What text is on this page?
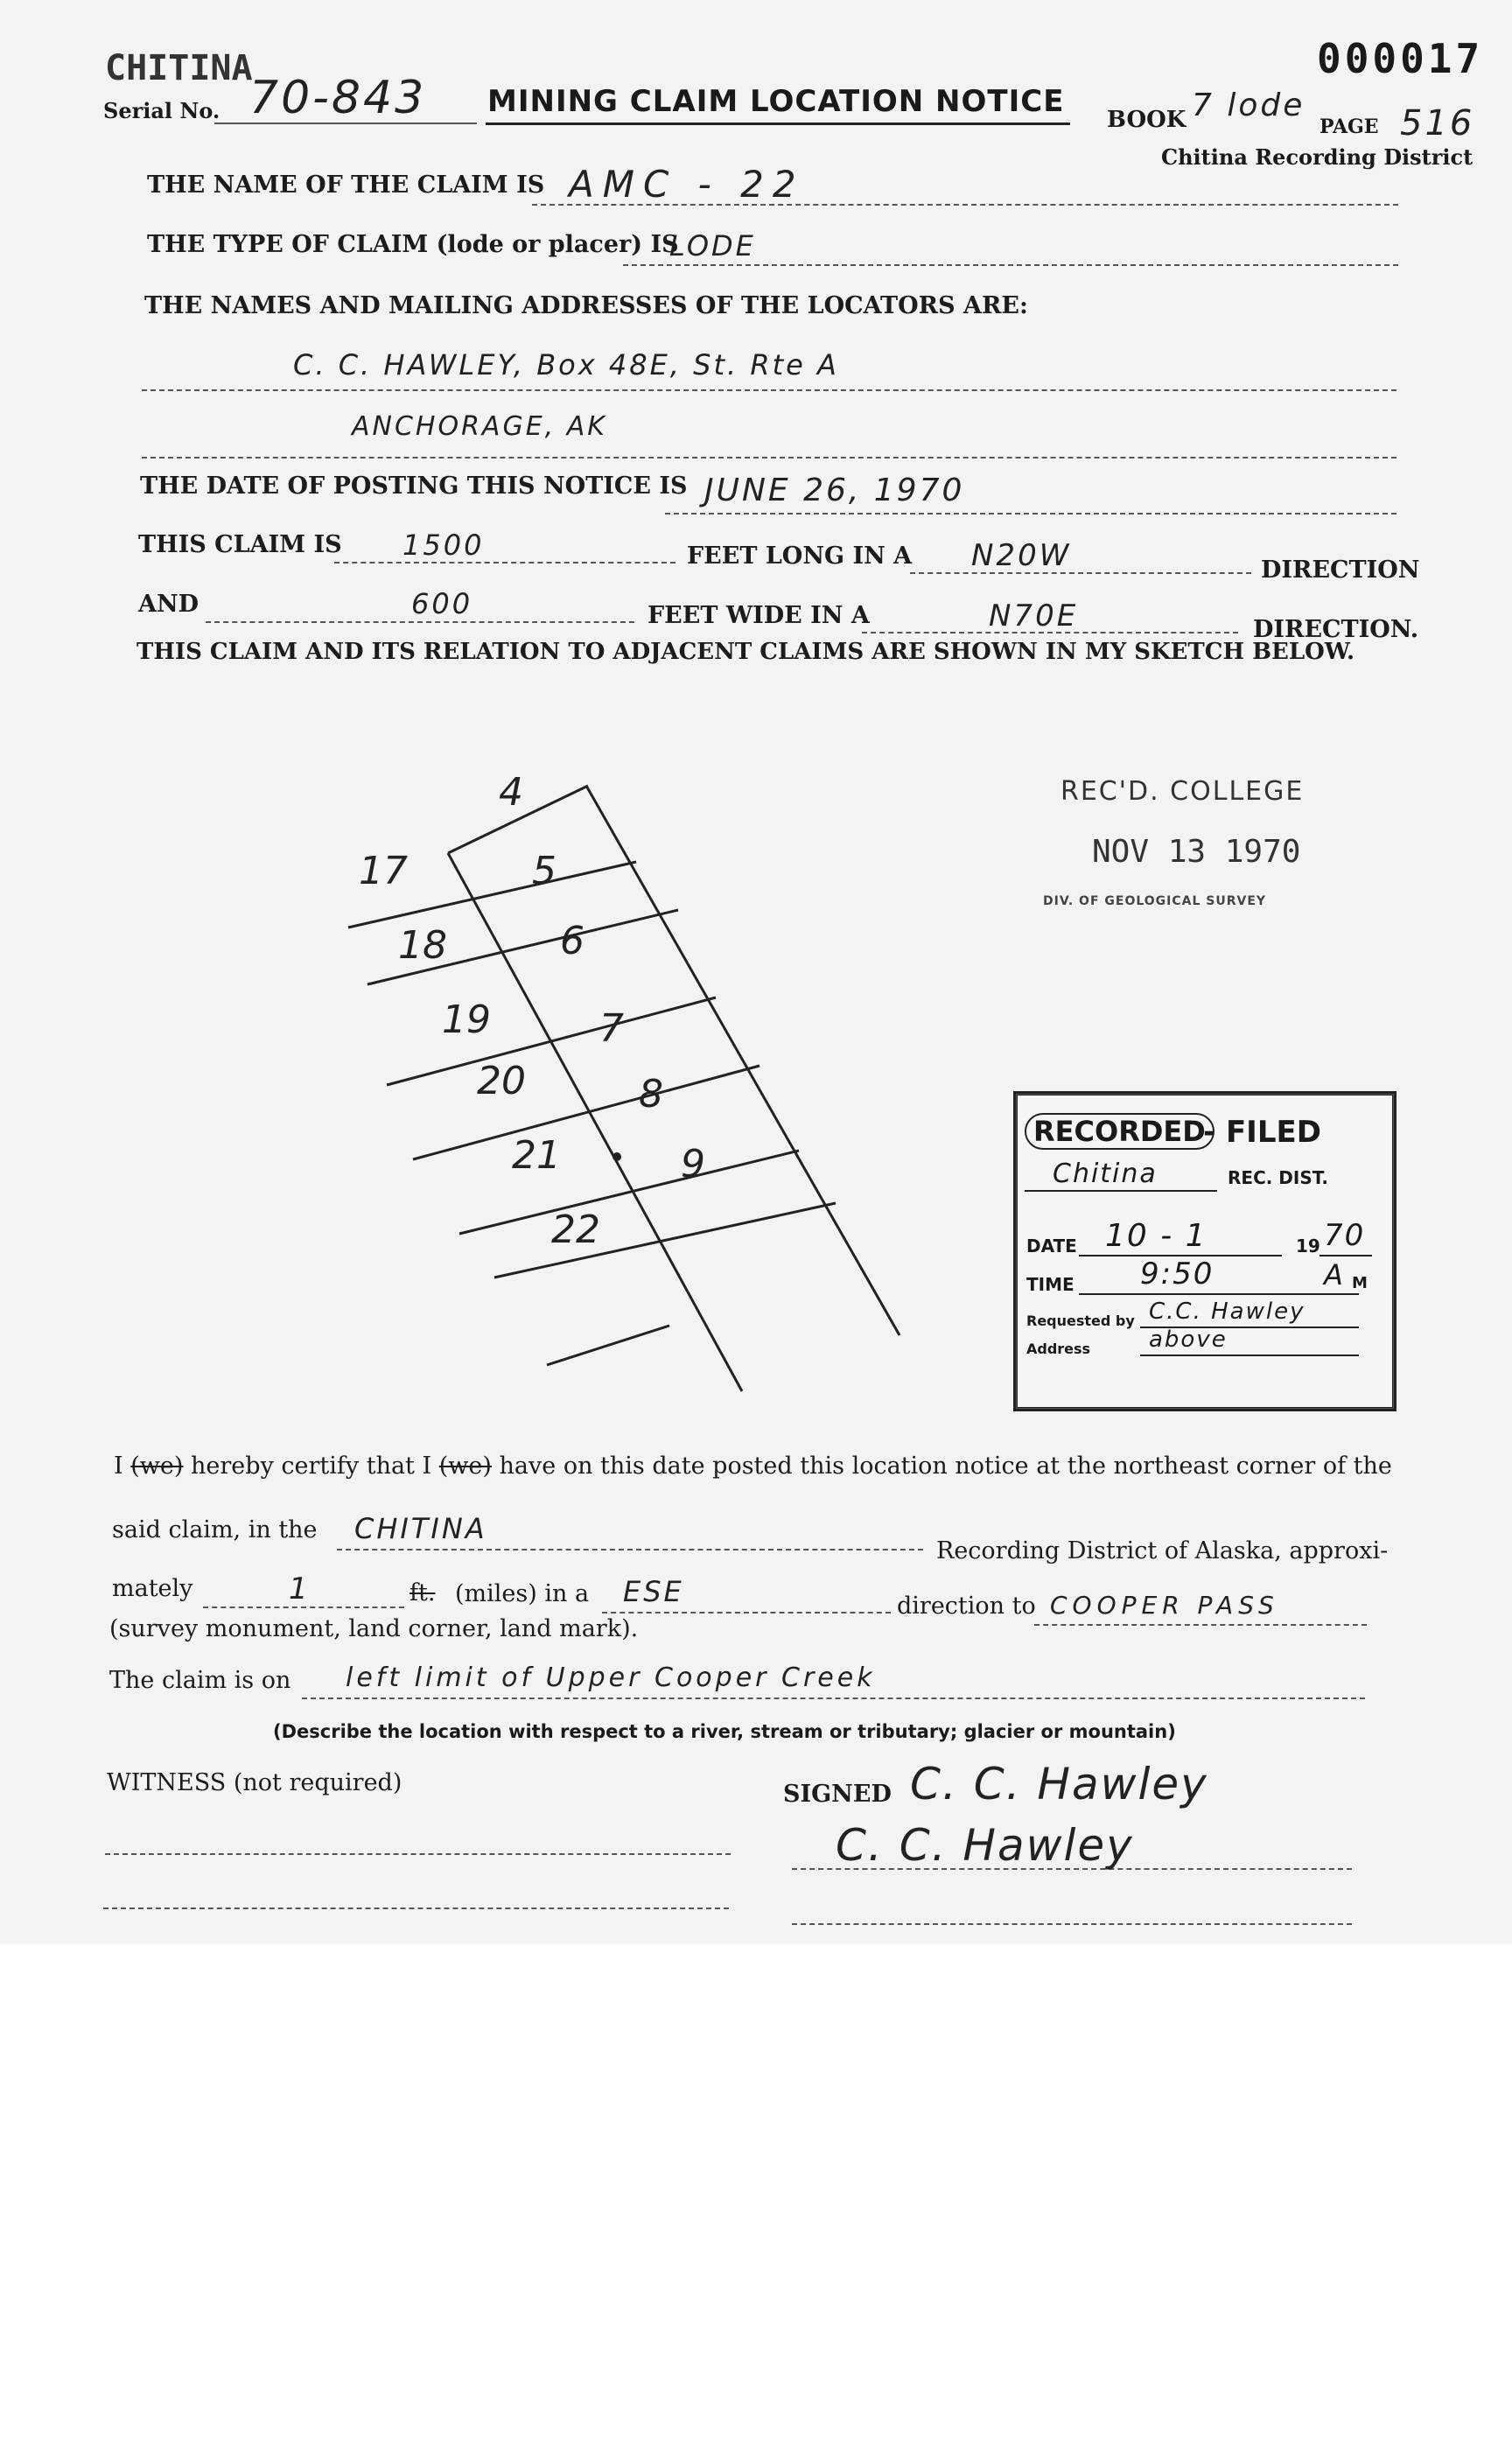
CHITINA
Serial No. 70-843 MINING CLAIM LOCATION NOTICE
BOOK 7 lode
PAGE 516
Chitina Recording District
000017
THE NAME OF THE CLAIM IS AMC - 22
THE TYPE OF CLAIM (lode or placer) IS
LODE
THE NAMES AND MAILING ADDRESSES OF THE LOCATORS ARE:
C. C. HAWLEY, Box 48E, St. Rte A
ANCHORAGE, AK
THE DATE OF POSTING THIS NOTICE IS JUNE 26, 1970
THIS CLAIM IS 1500	FEET LONG IN A N20W	DIRECTION
AND	600	FEET WIDE IN A	N70E	DIRECTION.
THIS CLAIM AND ITS RELATION TO ADJACENT CLAIMS ARE SHOWN IN MY SKETCH BELOW.
4
5
6
7
8
9
17
18
19
20
21
22
REC'D. COLLEGE
NOV 13 1970
DIV. OF GEOLOGICAL SURVEY
RECORDED
- FILED
Chitina	REC. DIST.
DATE 10 - 1	19 70
TIME 9:50	A M
Requested by C.C. Hawley
Address	above
I (we) hereby certify that I (we) have on this date posted this location notice at the northeast corner of the
said claim, in the CHITINA
Recording District of Alaska, approxi-
mately	1	ft. (miles) in a ESE	direction to COOPER PASS
(survey monument, land corner, land mark).
The claim is on left limit of Upper Cooper Creek
(Describe the location with respect to a river, stream or tributary; glacier or mountain)
WITNESS (not required)	SIGNED C. C. Hawley
C. C. Hawley
